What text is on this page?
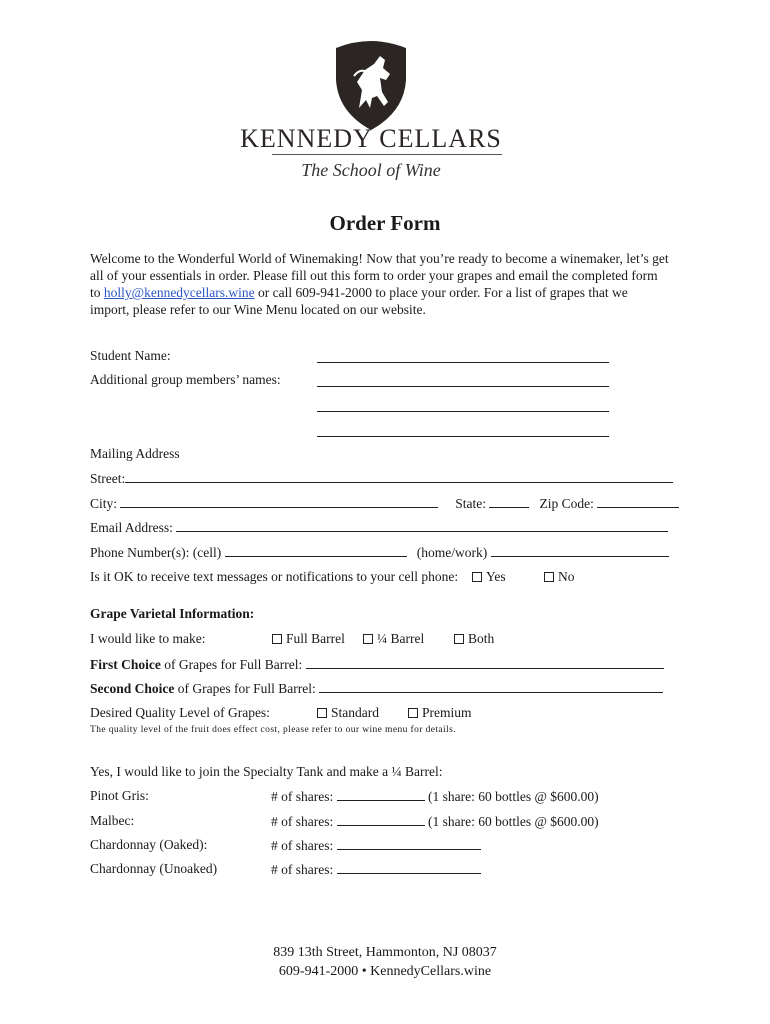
KENNEDY CELLARS
The School of Wine
Order Form
Welcome to the Wonderful World of Winemaking! Now that you’re ready to become a winemaker, let’s get all of your essentials in order. Please fill out this form to order your grapes and email the completed form to holly@kennedycellars.wine or call 609-941-2000 to place your order. For a list of grapes that we import, please refer to our Wine Menu located on our website.
Student Name:
Additional group members’ names:
Mailing Address
Street:
City:	State:	Zip Code:
Email Address:
Phone Number(s): (cell)	(home/work)
Is it OK to receive text messages or notifications to your cell phone:	Yes	No
Grape Varietal Information:
I would like to make:	Full Barrel	¼ Barrel	Both
First Choice of Grapes for Full Barrel:
Second Choice of Grapes for Full Barrel:
Desired Quality Level of Grapes:	Standard	Premium
The quality level of the fruit does effect cost, please refer to our wine menu for details.
Yes, I would like to join the Specialty Tank and make a ¼ Barrel:
Pinot Gris:	# of shares:	(1 share: 60 bottles @ $600.00)
Malbec:	# of shares:	(1 share: 60 bottles @ $600.00)
Chardonnay (Oaked):	# of shares:
Chardonnay (Unoaked)	# of shares:
839 13th Street, Hammonton, NJ 08037
609-941-2000 • KennedyCellars.wine
